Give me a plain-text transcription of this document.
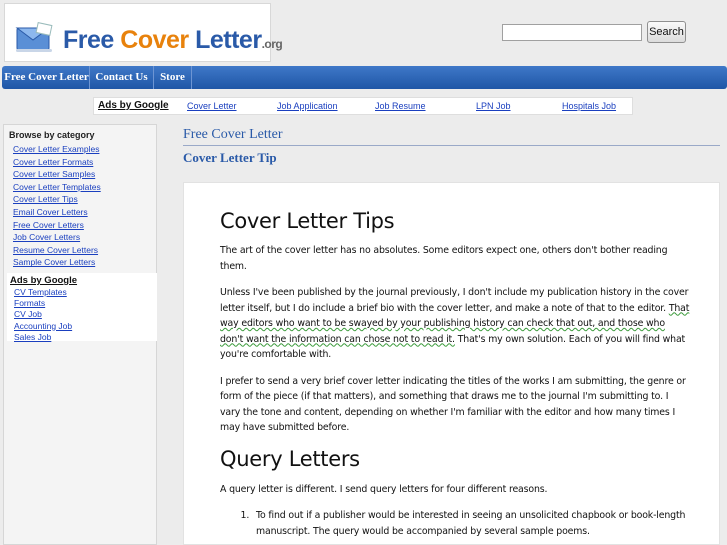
Free Cover Letter.org
Search
Free Cover Letter Contact Us	Store
Ads by Google Cover Letter	Job Application	Job Resume	LPN Job	Hospitals Job
Browse by category
Cover Letter Examples
Cover Letter Formats
Cover Letter Samples
Cover Letter Templates
Cover Letter Tips
Email Cover Letters
Free Cover Letters
Job Cover Letters
Resume Cover Letters
Sample Cover Letters
Ads by Google
CV Templates
Formats
CV Job
Accounting Job
Sales Job
Free Cover Letter
Cover Letter Tip
Cover Letter Tips

The art of the cover letter has no absolutes. Some editors expect one, others don't bother reading them.

Unless I've been published by the journal previously, I don't include my publication history in the cover letter itself, but I do include a brief bio with the cover letter, and make a note of that to the editor. That way editors who want to be swayed by your publishing history can check that out, and those who don't want the information can chose not to read it. That's my own solution. Each of you will find what you're comfortable with.

I prefer to send a very brief cover letter indicating the titles of the works I am submitting, the genre or form of the piece (if that matters), and something that draws me to the journal I'm submitting to. I vary the tone and content, depending on whether I'm familiar with the editor and how many times I may have submitted before.

Query Letters

A query letter is different. I send query letters for four different reasons.

1. To find out if a publisher would be interested in seeing an unsolicited chapbook or book-length manuscript. The query would be accompanied by several sample poems.
